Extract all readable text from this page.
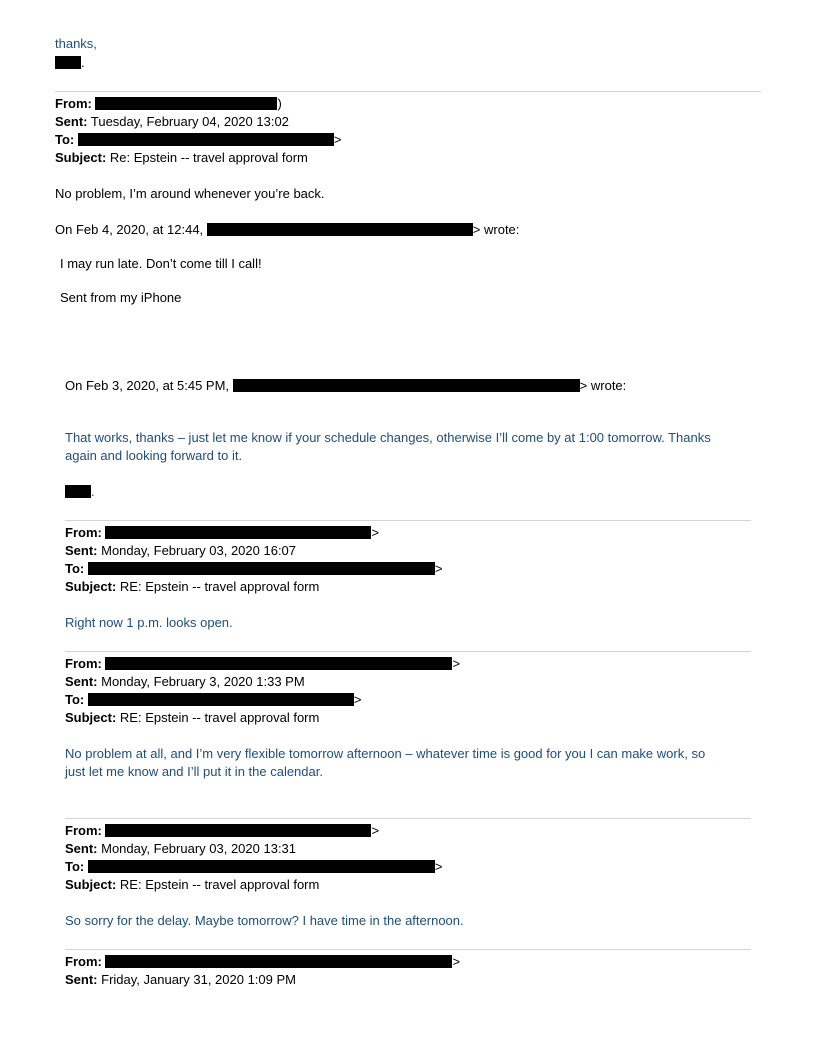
thanks,
.
From:	)
Sent: Tuesday, February 04, 2020 13:02
To:	>
Subject: Re: Epstein -- travel approval form
No problem, I’m around whenever you’re back.
On Feb 4, 2020, at 12:44,	> wrote:
I may run late. Don’t come till I call!
Sent from my iPhone
On Feb 3, 2020, at 5:45 PM,	> wrote:
That works, thanks – just let me know if your schedule changes, otherwise I’ll come by at 1:00 tomorrow. Thanks
again and looking forward to it.
.
From:	>
Sent: Monday, February 03, 2020 16:07
To:	>
Subject: RE: Epstein -- travel approval form
Right now 1 p.m. looks open.
From:	>
Sent: Monday, February 3, 2020 1:33 PM
To:	>
Subject: RE: Epstein -- travel approval form
No problem at all, and I’m very flexible tomorrow afternoon – whatever time is good for you I can make work, so
just let me know and I’ll put it in the calendar.
From:	>
Sent: Monday, February 03, 2020 13:31
To:	>
Subject: RE: Epstein -- travel approval form
So sorry for the delay. Maybe tomorrow? I have time in the afternoon.
From:	>
Sent: Friday, January 31, 2020 1:09 PM
